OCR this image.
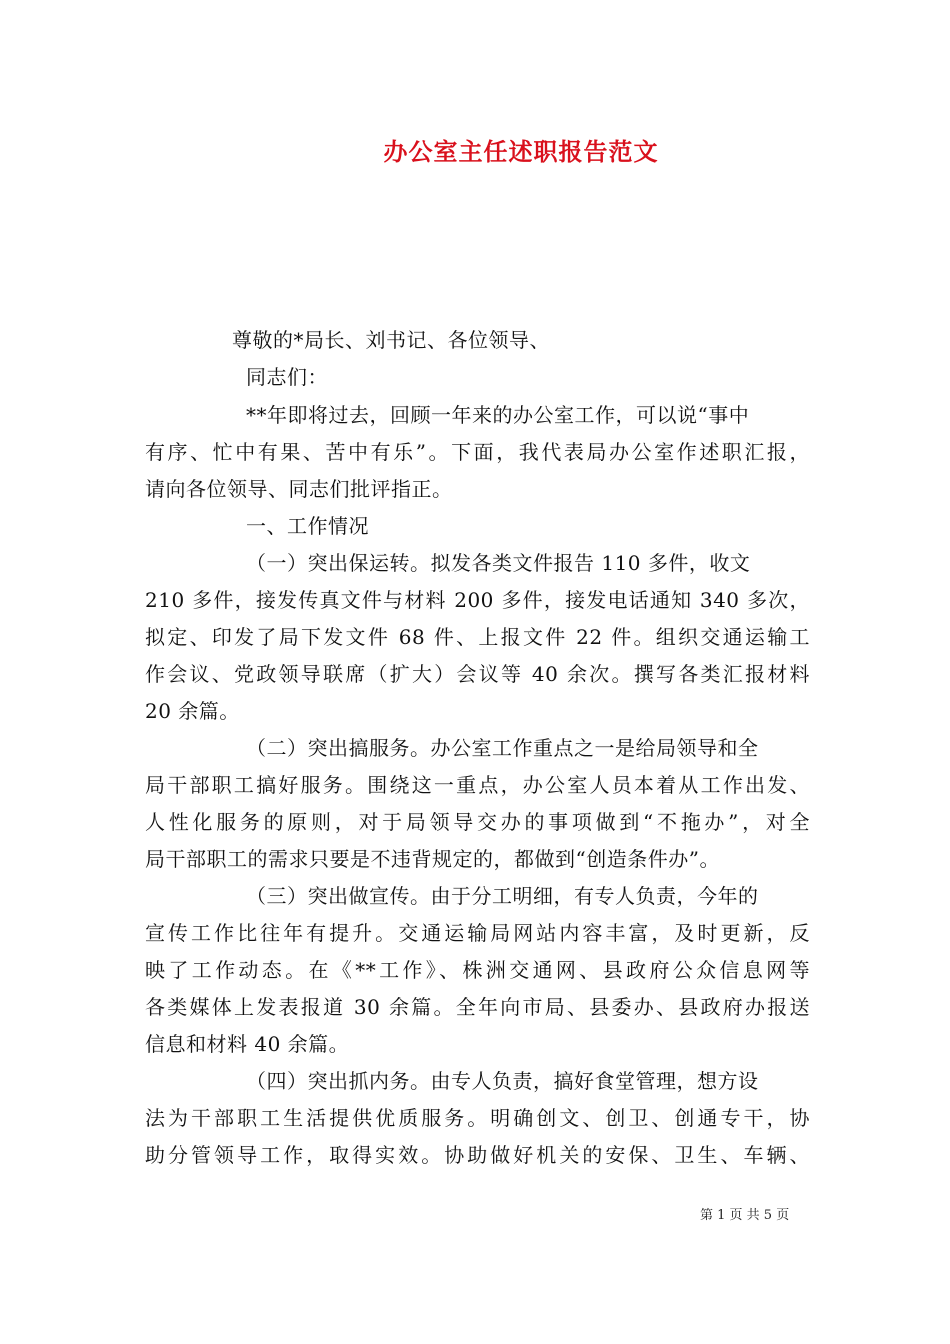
办公室主任述职报告范文
尊敬的*局长、刘书记、各位领导、
同志们：
**年即将过去，回顾一年来的办公室工作，可以说“事中
有序、忙中有果、苦中有乐”。下面，我代表局办公室作述职汇报，
请向各位领导、同志们批评指正。
一、工作情况
（一）突出保运转。拟发各类文件报告 110 多件，收文
210 多件，接发传真文件与材料 200 多件，接发电话通知 340 多次，
拟定、印发了局下发文件 68 件、上报文件 22 件。组织交通运输工
作会议、党政领导联席（扩大）会议等 40 余次。撰写各类汇报材料
20 余篇。
（二）突出搞服务。办公室工作重点之一是给局领导和全
局干部职工搞好服务。围绕这一重点，办公室人员本着从工作出发、
人性化服务的原则，对于局领导交办的事项做到“不拖办”，对全
局干部职工的需求只要是不违背规定的，都做到“创造条件办”。
（三）突出做宣传。由于分工明细，有专人负责，今年的
宣传工作比往年有提升。交通运输局网站内容丰富，及时更新，反
映了工作动态。在《**工作》、株洲交通网、县政府公众信息网等
各类媒体上发表报道 30 余篇。全年向市局、县委办、县政府办报送
信息和材料 40 余篇。
（四）突出抓内务。由专人负责，搞好食堂管理，想方设
法为干部职工生活提供优质服务。明确创文、创卫、创通专干，协
助分管领导工作，取得实效。协助做好机关的安保、卫生、车辆、
第 1 页 共 5 页
